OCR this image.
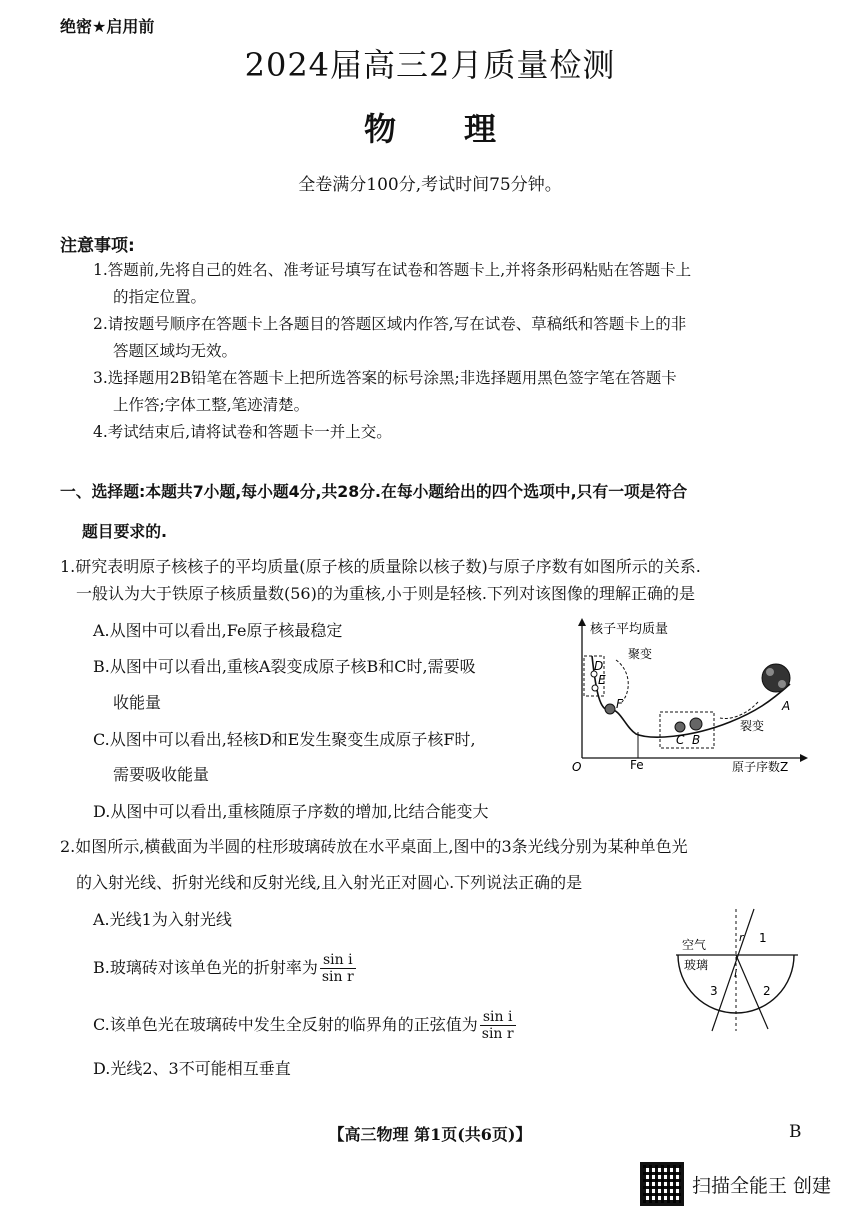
绝密★启用前
2024届高三2月质量检测
物 理
全卷满分100分,考试时间75分钟。
注意事项:
1.答题前,先将自己的姓名、准考证号填写在试卷和答题卡上,并将条形码粘贴在答题卡上
的指定位置。
2.请按题号顺序在答题卡上各题目的答题区域内作答,写在试卷、草稿纸和答题卡上的非
答题区域均无效。
3.选择题用2B铅笔在答题卡上把所选答案的标号涂黑;非选择题用黑色签字笔在答题卡
上作答;字体工整,笔迹清楚。
4.考试结束后,请将试卷和答题卡一并上交。
一、选择题:本题共7小题,每小题4分,共28分.在每小题给出的四个选项中,只有一项是符合
题目要求的.
1.研究表明原子核核子的平均质量(原子核的质量除以核子数)与原子序数有如图所示的关系.
一般认为大于铁原子核质量数(56)的为重核,小于则是轻核.下列对该图像的理解正确的是
A.从图中可以看出,Fe原子核最稳定
B.从图中可以看出,重核A裂变成原子核B和C时,需要吸
收能量
C.从图中可以看出,轻核D和E发生聚变生成原子核F时,
需要吸收能量
D.从图中可以看出,重核随原子序数的增加,比结合能变大
核子平均质量
O	Fe	原子序数Z
D
E
F
聚变
C B
A
裂变
2.如图所示,横截面为半圆的柱形玻璃砖放在水平桌面上,图中的3条光线分别为某种单色光
的入射光线、折射光线和反射光线,且入射光正对圆心.下列说法正确的是
A.光线1为入射光线
B.玻璃砖对该单色光的折射率为 $\frac{\text{sin i}}{\text{sin r}}$
C.该单色光在玻璃砖中发生全反射的临界角的正弦值为 $\frac{\text{sin i}}{\text{sin r}}$
D.光线2、3不可能相互垂直
空气
玻璃
r
i
1
2
3
【高三物理 第1页(共6页)】	B
扫描全能王 创建
